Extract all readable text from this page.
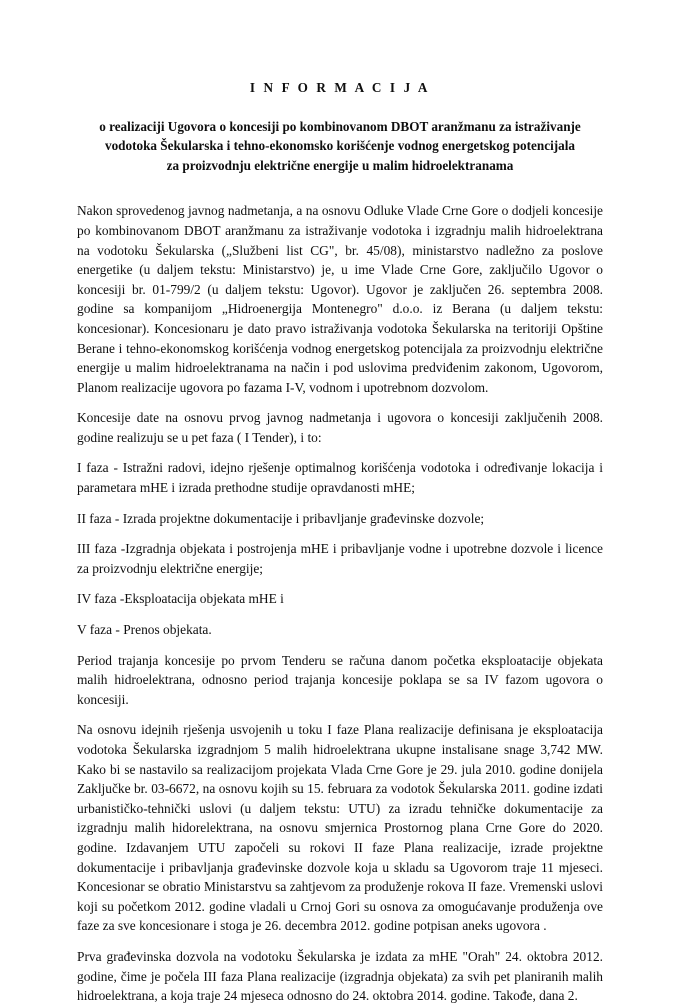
I N F O R M A C I J A
o realizaciji Ugovora o koncesiji po kombinovanom DBOT aranžmanu za istraživanje
vodotoka Šekularska i tehno-ekonomsko korišćenje vodnog energetskog potencijala
za proizvodnju električne energije u malim hidroelektranama

Nakon sprovedenog javnog nadmetanja, a na osnovu Odluke Vlade Crne Gore o dodjeli koncesije po kombinovanom DBOT aranžmanu za istraživanje vodotoka i izgradnju malih hidroelektrana na vodotoku Šekularska („Službeni list CG", br. 45/08), ministarstvo nadležno za poslove energetike (u daljem tekstu: Ministarstvo) je, u ime Vlade Crne Gore, zaključilo Ugovor o koncesiji br. 01-799/2 (u daljem tekstu: Ugovor). Ugovor je zaključen 26. septembra 2008. godine sa kompanijom „Hidroenergija Montenegro" d.o.o. iz Berana (u daljem tekstu: koncesionar). Koncesionaru je dato pravo istraživanja vodotoka Šekularska na teritoriji Opštine Berane i tehno-ekonomskog korišćenja vodnog energetskog potencijala za proizvodnju električne energije u malim hidroelektranama na način i pod uslovima predviđenim zakonom, Ugovorom, Planom realizacije ugovora po fazama I-V, vodnom i upotrebnom dozvolom.

Koncesije date na osnovu prvog javnog nadmetanja i ugovora o koncesiji zaključenih 2008. godine realizuju se u pet faza ( I Tender), i to:

I faza - Istražni radovi, idejno rješenje optimalnog korišćenja vodotoka i određivanje lokacija i parametara mHE i izrada prethodne studije opravdanosti mHE;

II faza - Izrada projektne dokumentacije i pribavljanje građevinske dozvole;

III faza -Izgradnja objekata i postrojenja mHE i pribavljanje vodne i upotrebne dozvole i licence za proizvodnju električne energije;

IV faza -Eksploatacija objekata mHE i

V faza - Prenos objekata.

Period trajanja koncesije po prvom Tenderu se računa danom početka eksploatacije objekata malih hidroelektrana, odnosno period trajanja koncesije poklapa se sa IV fazom ugovora o koncesiji.

Na osnovu idejnih rješenja usvojenih u toku I faze Plana realizacije definisana je eksploatacija vodotoka Šekularska izgradnjom 5 malih hidroelektrana ukupne instalisane snage 3,742 MW. Kako bi se nastavilo sa realizacijom projekata Vlada Crne Gore je 29. jula 2010. godine donijela Zaključke br. 03-6672, na osnovu kojih su 15. februara za vodotok Šekularska 2011. godine izdati urbanističko-tehnički uslovi (u daljem tekstu: UTU) za izradu tehničke dokumentacije za izgradnju malih hidorelektrana, na osnovu smjernica Prostornog plana Crne Gore do 2020. godine. Izdavanjem UTU započeli su rokovi II faze Plana realizacije, izrade projektne dokumentacije i pribavljanja građevinske dozvole koja u skladu sa Ugovorom traje 11 mjeseci. Koncesionar se obratio Ministarstvu sa zahtjevom za produženje rokova II faze. Vremenski uslovi koji su početkom 2012. godine vladali u Crnoj Gori su osnova za omogućavanje produženja ove faze za sve koncesionare i stoga je 26. decembra 2012. godine potpisan aneks ugovora .

Prva građevinska dozvola na vodotoku Šekularska je izdata za mHE "Orah" 24. oktobra 2012. godine, čime je počela III faza Plana realizacije (izgradnja objekata) za svih pet planiranih malih hidroelektrana, a koja traje 24 mjeseca odnosno do 24. oktobra 2014. godine. Takođe, dana 2.
